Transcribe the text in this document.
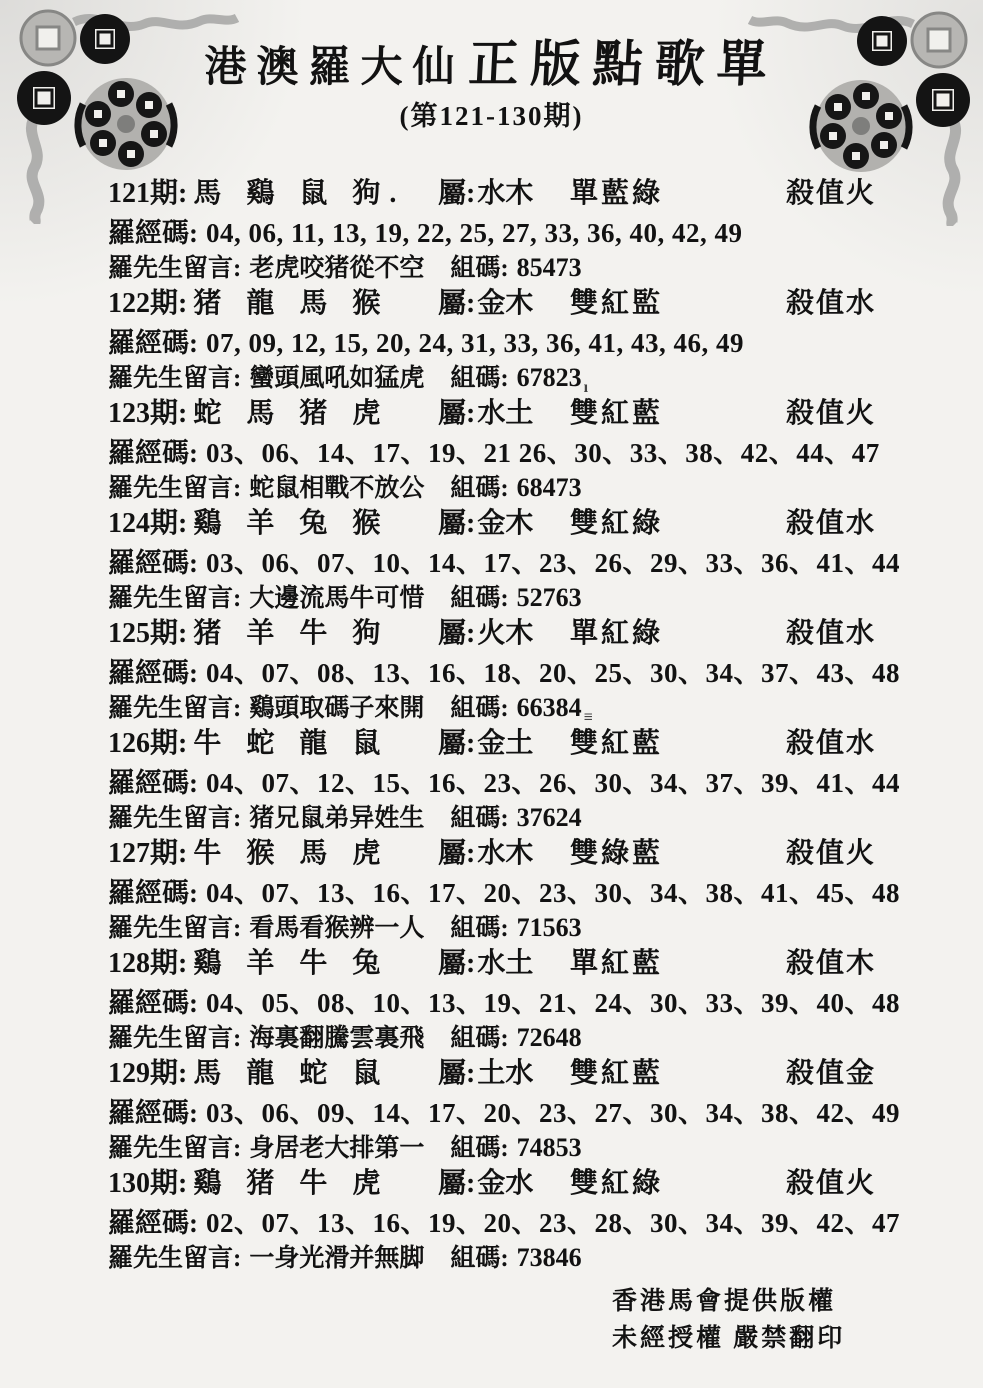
港澳羅大仙正版點歌單
(第121-130期)
121期: 馬 鷄 鼠 狗. 屬:水木 單藍綠	殺值火
羅經碼: 04, 06, 11, 13, 19, 22, 25, 27, 33, 36, 40, 42, 49
羅先生留言: 老虎咬猪從不空 組碼: 85473
122期: 猪 龍 馬 猴 屬:金木 雙紅監	殺值水
羅經碼: 07, 09, 12, 15, 20, 24, 31, 33, 36, 41, 43, 46, 49
羅先生留言: 蠻頭風吼如猛虎 組碼: 67823 $_ı$
123期: 蛇 馬 猪 虎 屬:水土 雙紅藍	殺值火
羅經碼: 03、06、14、17、19、21 26、30、33、38、42、44、47
羅先生留言: 蛇鼠相戰不放公 組碼: 68473
124期: 鷄 羊 兔 猴 屬:金木 雙紅綠	殺值水
羅經碼: 03、06、07、10、14、17、23、26、29、33、36、41、44
羅先生留言: 大邊流馬牛可惜 組碼: 52763
125期: 猪 羊 牛 狗 屬:火木 單紅綠	殺值水
羅經碼: 04、07、08、13、16、18、20、25、30、34、37、43、48
羅先生留言: 鷄頭取碼子來開 組碼: 66384 $_\equiv$
126期: 牛 蛇 龍 鼠 屬:金土 雙紅藍	殺值水
羅經碼: 04、07、12、15、16、23、26、30、34、37、39、41、44
羅先生留言: 猪兄鼠弟异姓生 組碼: 37624
127期: 牛 猴 馬 虎 屬:水木 雙綠藍	殺值火
羅經碼: 04、07、13、16、17、20、23、30、34、38、41、45、48
羅先生留言: 看馬看猴辨一人 組碼: 71563
128期: 鷄 羊 牛 兔 屬:水土 單紅藍	殺值木
羅經碼: 04、05、08、10、13、19、21、24、30、33、39、40、48
羅先生留言: 海裏翻騰雲裏飛 組碼: 72648
129期: 馬 龍 蛇 鼠 屬:土水 雙紅藍	殺值金
羅經碼: 03、06、09、14、17、20、23、27、30、34、38、42、49
羅先生留言: 身居老大排第一 組碼: 74853
130期: 鷄 猪 牛 虎 屬:金水 雙紅綠	殺值火
羅經碼: 02、07、13、16、19、20、23、28、30、34、39、42、47
羅先生留言: 一身光滑并無脚 組碼: 73846
香港馬會提供版權
未經授權 嚴禁翻印
